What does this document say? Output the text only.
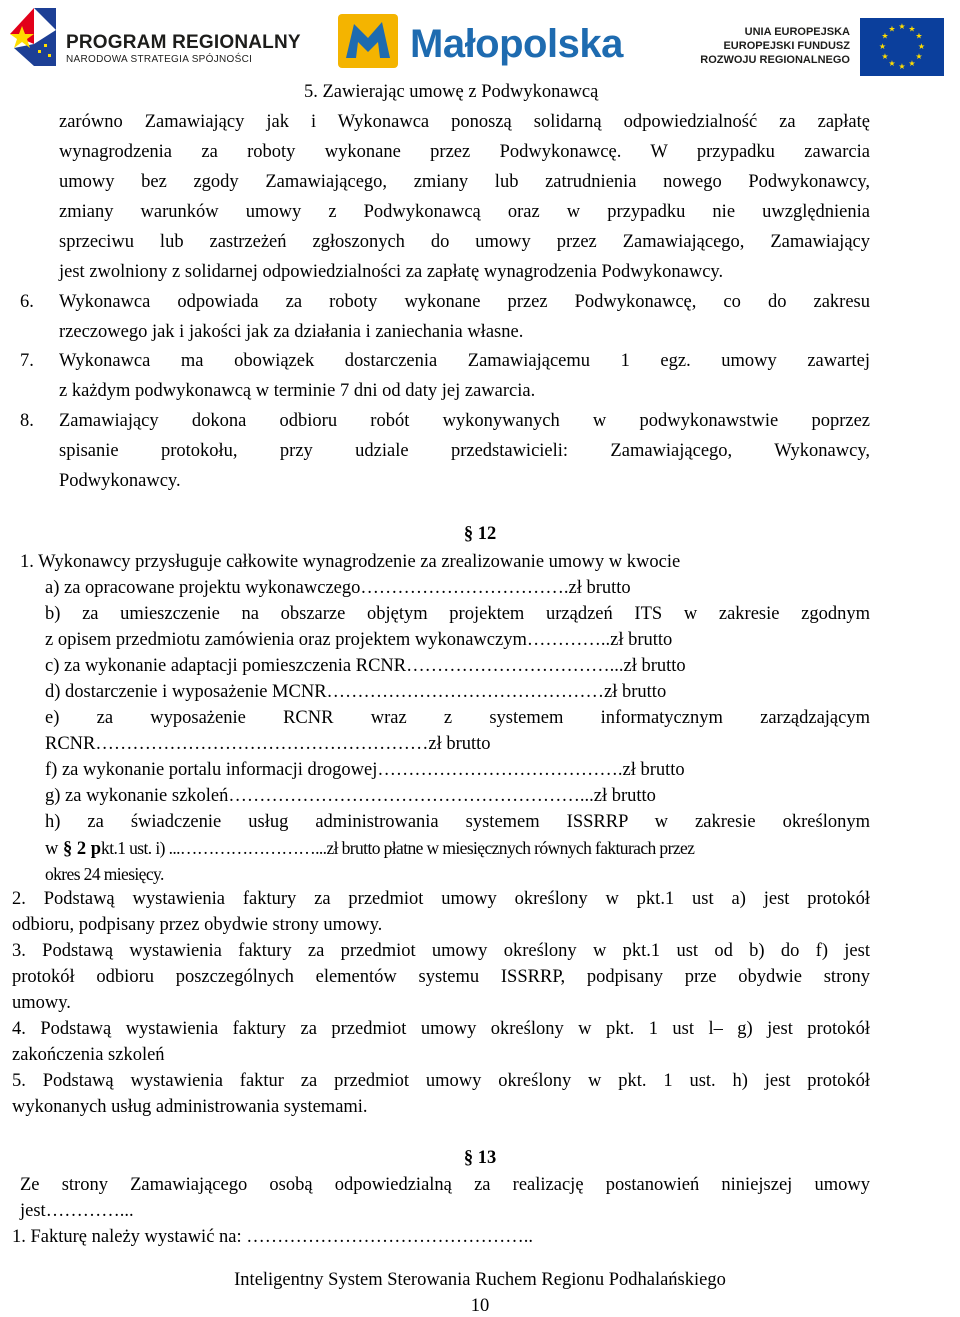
PROGRAM REGIONALNY
NARODOWA STRATEGIA SPÓJNOŚCI	Małopolska	UNIA EUROPEJSKA
EUROPEJSKI FUNDUSZ
ROZWOJU REGIONALNEGO
★ ★
★
★
★
★
★
★
★
★
★
★
5. Zawierając umowę z Podwykonawcą
zarówno Zamawiający jak i Wykonawca ponoszą solidarną odpowiedzialność za zapłatę
wynagrodzenia za roboty wykonane przez Podwykonawcę. W przypadku zawarcia
umowy bez zgody Zamawiającego, zmiany lub zatrudnienia nowego Podwykonawcy,
zmiany warunków umowy z Podwykonawcą oraz w przypadku nie uwzględnienia
sprzeciwu lub zastrzeżeń zgłoszonych do umowy przez Zamawiającego, Zamawiający
jest zwolniony z solidarnej odpowiedzialności za zapłatę wynagrodzenia Podwykonawcy.
6. Wykonawca odpowiada za roboty wykonane przez Podwykonawcę, co do zakresu
rzeczowego jak i jakości jak za działania i zaniechania własne.
7. Wykonawca ma obowiązek dostarczenia Zamawiającemu 1 egz. umowy zawartej
z każdym podwykonawcą w terminie 7 dni od daty jej zawarcia.
8. Zamawiający dokona odbioru robót wykonywanych w podwykonawstwie poprzez
spisanie protokołu, przy udziale przedstawicieli: Zamawiającego, Wykonawcy,
Podwykonawcy.
§ 12
1. Wykonawcy przysługuje całkowite wynagrodzenie za zrealizowanie umowy w kwocie
a) za opracowane projektu wykonawczego…………………………….zł brutto
b) za umieszczenie na obszarze objętym projektem urządzeń ITS w zakresie zgodnym
z opisem przedmiotu zamówienia oraz projektem wykonawczym…………..zł brutto
c) za wykonanie adaptacji pomieszczenia RCNR……………………………...zł brutto
d) dostarczenie i wyposażenie MCNR………………………………………zł brutto
e) za wyposażenie RCNR wraz z systemem informatycznym zarządzającym
RCNR………………………………………………zł brutto
f) za wykonanie portalu informacji drogowej………………………………….zł brutto
g) za wykonanie szkoleń…………………………………………………...zł brutto
h) za świadczenie usług administrowania systemem ISSRRP w zakresie określonym
w § 2 pkt.1 ust. i) ...……………………...zł brutto płatne w miesięcznych równych fakturach przez
okres 24 miesięcy.
2. Podstawą wystawienia faktury za przedmiot umowy określony w pkt.1 ust a) jest protokół
odbioru, podpisany przez obydwie strony umowy.
3. Podstawą wystawienia faktury za przedmiot umowy określony w pkt.1 ust od b) do f) jest
protokół odbioru poszczególnych elementów systemu ISSRRP, podpisany prze obydwie strony
umowy.
4. Podstawą wystawienia faktury za przedmiot umowy określony w pkt. 1 ust l– g) jest protokół
zakończenia szkoleń
5. Podstawą wystawienia faktur za przedmiot umowy określony w pkt. 1 ust. h) jest protokół
wykonanych usług administrowania systemami.
§ 13
Ze strony Zamawiającego osobą odpowiedzialną za realizację postanowień niniejszej umowy
jest…………...
1. Fakturę należy wystawić na: ………………………………………..
Inteligentny System Sterowania Ruchem Regionu Podhalańskiego
10
